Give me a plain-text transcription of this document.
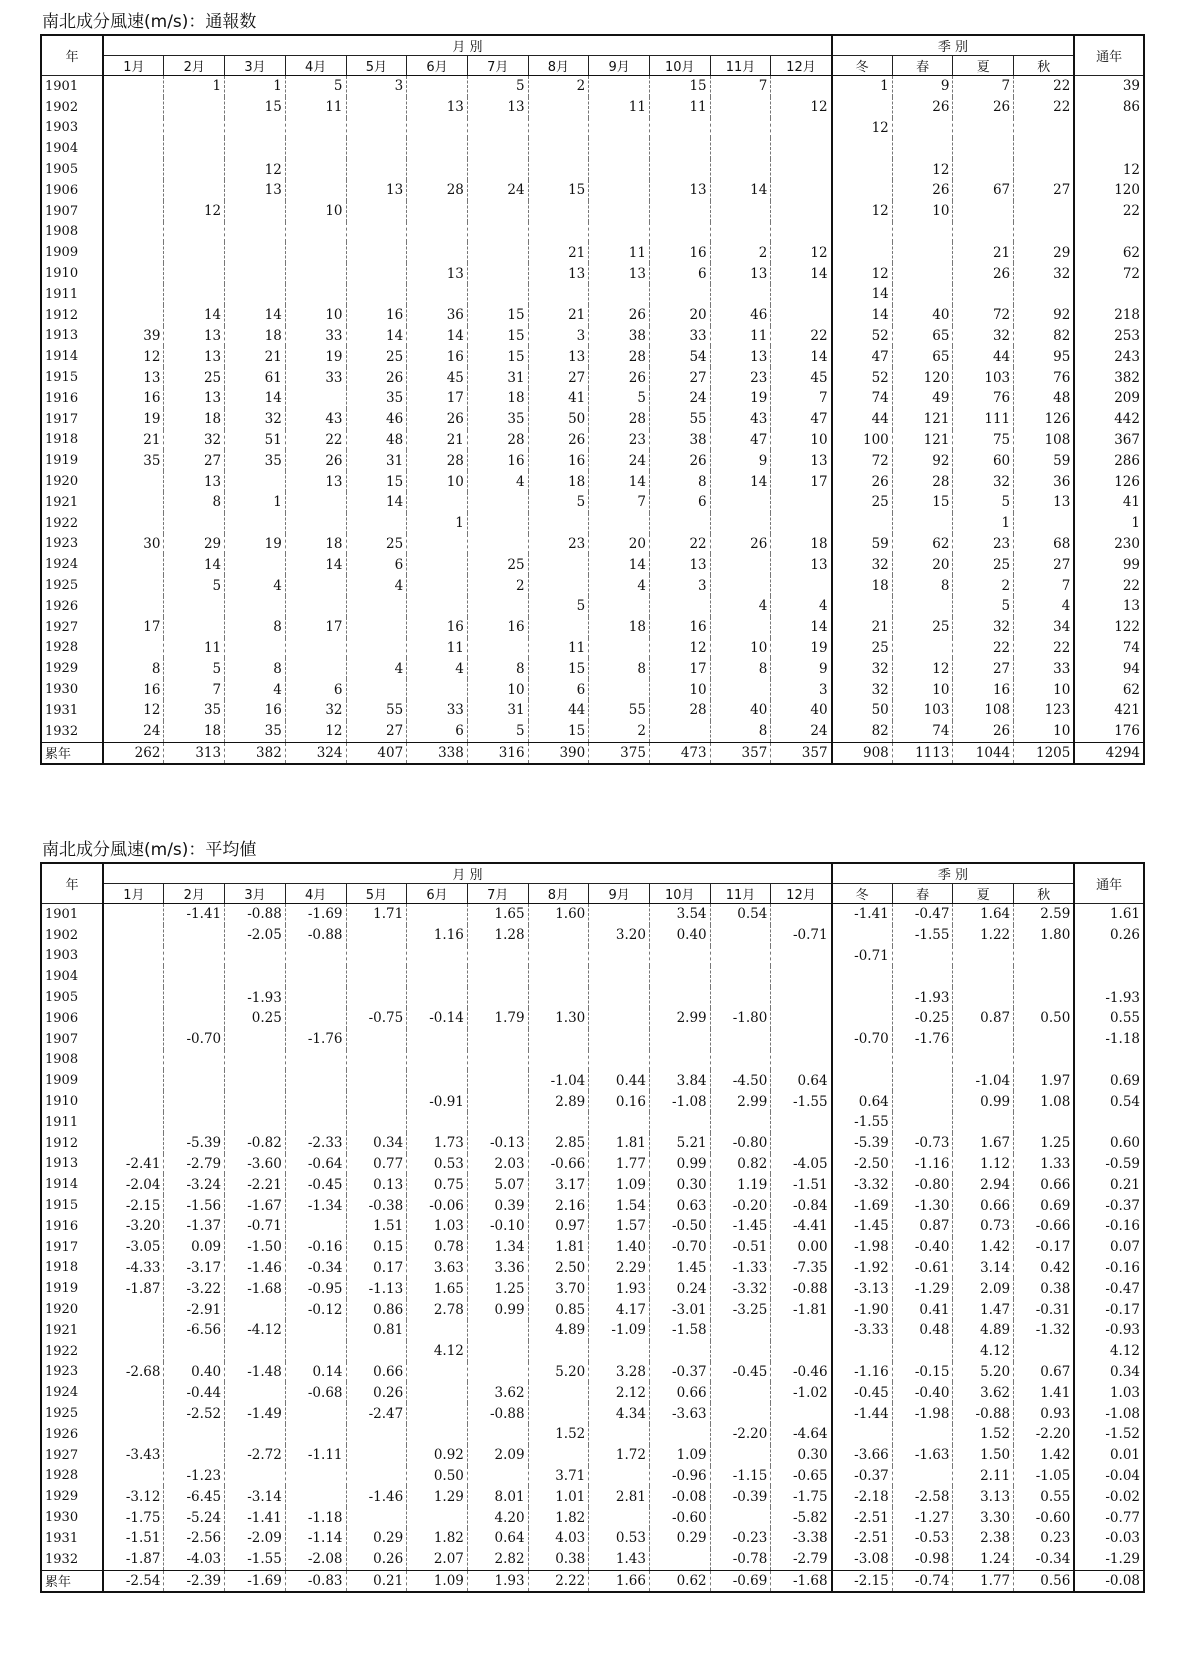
南北成分風速(m/s)：通報数
年	月 別												季 別				通年
	1月	2月	3月	4月	5月	6月	7月	8月	9月	10月	11月	12月	冬	春	夏	秋	
1901		1	1	5	3		5	2		15	7		1	9	7	22	39
1902			15	11		13	13		11	11		12		26	26	22	86
1903													12				
1904																	
1905			12											12			12
1906			13		13	28	24	15		13	14			26	67	27	120
1907		12		10									12	10			22
1908																	
1909								21	11	16	2	12			21	29	62
1910						13		13	13	6	13	14	12		26	32	72
1911													14				
1912		14	14	10	16	36	15	21	26	20	46		14	40	72	92	218
1913	39	13	18	33	14	14	15	3	38	33	11	22	52	65	32	82	253
1914	12	13	21	19	25	16	15	13	28	54	13	14	47	65	44	95	243
1915	13	25	61	33	26	45	31	27	26	27	23	45	52	120	103	76	382
1916	16	13	14		35	17	18	41	5	24	19	7	74	49	76	48	209
1917	19	18	32	43	46	26	35	50	28	55	43	47	44	121	111	126	442
1918	21	32	51	22	48	21	28	26	23	38	47	10	100	121	75	108	367
1919	35	27	35	26	31	28	16	16	24	26	9	13	72	92	60	59	286
1920		13		13	15	10	4	18	14	8	14	17	26	28	32	36	126
1921		8	1		14			5	7	6			25	15	5	13	41
1922						1									1		1
1923	30	29	19	18	25			23	20	22	26	18	59	62	23	68	230
1924		14		14	6		25		14	13		13	32	20	25	27	99
1925		5	4		4		2		4	3			18	8	2	7	22
1926								5			4	4			5	4	13
1927	17		8	17		16	16		18	16		14	21	25	32	34	122
1928		11				11		11		12	10	19	25		22	22	74
1929	8	5	8		4	4	8	15	8	17	8	9	32	12	27	33	94
1930	16	7	4	6			10	6		10		3	32	10	16	10	62
1931	12	35	16	32	55	33	31	44	55	28	40	40	50	103	108	123	421
1932	24	18	35	12	27	6	5	15	2		8	24	82	74	26	10	176
累年	262	313	382	324	407	338	316	390	375	473	357	357	908	1113	1044	1205	4294
南北成分風速(m/s)：平均値
年	月 別												季 別				通年
	1月	2月	3月	4月	5月	6月	7月	8月	9月	10月	11月	12月	冬	春	夏	秋	
1901		-1.41	-0.88	-1.69	1.71		1.65	1.60		3.54	0.54		-1.41	-0.47	1.64	2.59	1.61
1902			-2.05	-0.88		1.16	1.28		3.20	0.40		-0.71		-1.55	1.22	1.80	0.26
1903													-0.71				
1904																	
1905			-1.93											-1.93			-1.93
1906			0.25		-0.75	-0.14	1.79	1.30		2.99	-1.80			-0.25	0.87	0.50	0.55
1907		-0.70		-1.76									-0.70	-1.76			-1.18
1908																	
1909								-1.04	0.44	3.84	-4.50	0.64			-1.04	1.97	0.69
1910						-0.91		2.89	0.16	-1.08	2.99	-1.55	0.64		0.99	1.08	0.54
1911													-1.55				
1912		-5.39	-0.82	-2.33	0.34	1.73	-0.13	2.85	1.81	5.21	-0.80		-5.39	-0.73	1.67	1.25	0.60
1913	-2.41	-2.79	-3.60	-0.64	0.77	0.53	2.03	-0.66	1.77	0.99	0.82	-4.05	-2.50	-1.16	1.12	1.33	-0.59
1914	-2.04	-3.24	-2.21	-0.45	0.13	0.75	5.07	3.17	1.09	0.30	1.19	-1.51	-3.32	-0.80	2.94	0.66	0.21
1915	-2.15	-1.56	-1.67	-1.34	-0.38	-0.06	0.39	2.16	1.54	0.63	-0.20	-0.84	-1.69	-1.30	0.66	0.69	-0.37
1916	-3.20	-1.37	-0.71		1.51	1.03	-0.10	0.97	1.57	-0.50	-1.45	-4.41	-1.45	0.87	0.73	-0.66	-0.16
1917	-3.05	0.09	-1.50	-0.16	0.15	0.78	1.34	1.81	1.40	-0.70	-0.51	0.00	-1.98	-0.40	1.42	-0.17	0.07
1918	-4.33	-3.17	-1.46	-0.34	0.17	3.63	3.36	2.50	2.29	1.45	-1.33	-7.35	-1.92	-0.61	3.14	0.42	-0.16
1919	-1.87	-3.22	-1.68	-0.95	-1.13	1.65	1.25	3.70	1.93	0.24	-3.32	-0.88	-3.13	-1.29	2.09	0.38	-0.47
1920		-2.91		-0.12	0.86	2.78	0.99	0.85	4.17	-3.01	-3.25	-1.81	-1.90	0.41	1.47	-0.31	-0.17
1921		-6.56	-4.12		0.81			4.89	-1.09	-1.58			-3.33	0.48	4.89	-1.32	-0.93
1922						4.12									4.12		4.12
1923	-2.68	0.40	-1.48	0.14	0.66			5.20	3.28	-0.37	-0.45	-0.46	-1.16	-0.15	5.20	0.67	0.34
1924		-0.44		-0.68	0.26		3.62		2.12	0.66		-1.02	-0.45	-0.40	3.62	1.41	1.03
1925		-2.52	-1.49		-2.47		-0.88		4.34	-3.63			-1.44	-1.98	-0.88	0.93	-1.08
1926								1.52			-2.20	-4.64			1.52	-2.20	-1.52
1927	-3.43		-2.72	-1.11		0.92	2.09		1.72	1.09		0.30	-3.66	-1.63	1.50	1.42	0.01
1928		-1.23				0.50		3.71		-0.96	-1.15	-0.65	-0.37		2.11	-1.05	-0.04
1929	-3.12	-6.45	-3.14		-1.46	1.29	8.01	1.01	2.81	-0.08	-0.39	-1.75	-2.18	-2.58	3.13	0.55	-0.02
1930	-1.75	-5.24	-1.41	-1.18			4.20	1.82		-0.60		-5.82	-2.51	-1.27	3.30	-0.60	-0.77
1931	-1.51	-2.56	-2.09	-1.14	0.29	1.82	0.64	4.03	0.53	0.29	-0.23	-3.38	-2.51	-0.53	2.38	0.23	-0.03
1932	-1.87	-4.03	-1.55	-2.08	0.26	2.07	2.82	0.38	1.43		-0.78	-2.79	-3.08	-0.98	1.24	-0.34	-1.29
累年	-2.54	-2.39	-1.69	-0.83	0.21	1.09	1.93	2.22	1.66	0.62	-0.69	-1.68	-2.15	-0.74	1.77	0.56	-0.08
